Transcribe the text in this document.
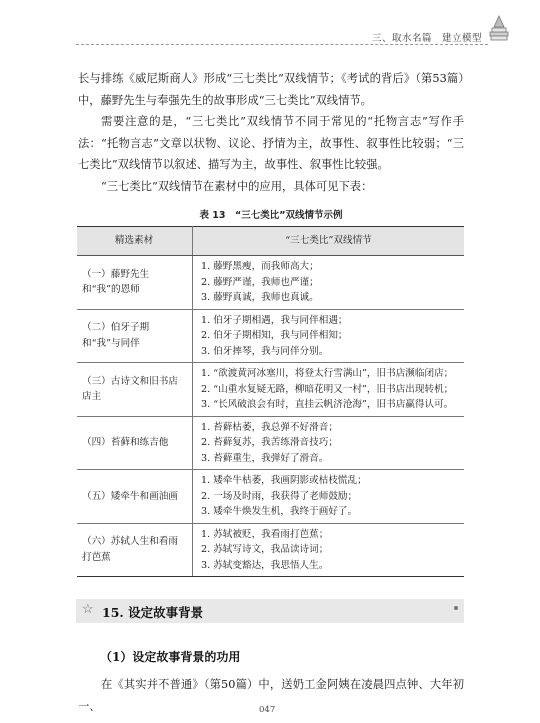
三、取水名篇　建立模型
长与排练《威尼斯商人》形成“三七类比”双线情节；《考试的背后》（第53篇）中，藤野先生与奉强先生的故事形成“三七类比”双线情节。
需要注意的是，“三七类比”双线情节不同于常见的“托物言志”写作手法：“托物言志”文章以状物、议论、抒情为主，故事性、叙事性比较弱；“三七类比”双线情节以叙述、描写为主，故事性、叙事性比较强。
“三七类比”双线情节在素材中的应用，具体可见下表：
表 13　“三七类比”双线情节示例
精选素材	“三七类比”双线情节
（一）藤野先生和“我”的恩师	1. 藤野黑瘦，而我师高大；
2. 藤野严谨，我师也严谨；
3. 藤野真诚，我师也真诚。

（二）伯牙子期和“我”与同伴	1. 伯牙子期相遇，我与同伴相遇；
2. 伯牙子期相知，我与同伴相知；
3. 伯牙摔琴，我与同伴分别。

（三）古诗文和旧书店店主	1. “欲渡黄河冰塞川，将登太行雪满山”，旧书店濒临闭店；
2. “山重水复疑无路，柳暗花明又一村”，旧书店出现转机；
3. “长风破浪会有时，直挂云帆济沧海”，旧书店赢得认可。

（四）苔藓和练吉他	1. 苔藓枯萎，我总弹不好滑音；
2. 苔藓复苏，我苦练滑音技巧；
3. 苔藓重生，我弹好了滑音。

（五）矮牵牛和画油画	1. 矮牵牛枯萎，我画阴影或枯枝慌乱；
2. 一场及时雨，我获得了老师鼓励；
3. 矮牵牛焕发生机，我终于画好了。

（六）苏轼人生和看雨打芭蕉	1. 苏轼被贬，我看雨打芭蕉；
2. 苏轼写诗文，我品读诗词；
3. 苏轼变豁达，我思悟人生。
☆ 15. 设定故事背景
（1）设定故事背景的功用
在《其实并不普通》（第50篇）中，送奶工金阿姨在凌晨四点钟、大年初一、	047
